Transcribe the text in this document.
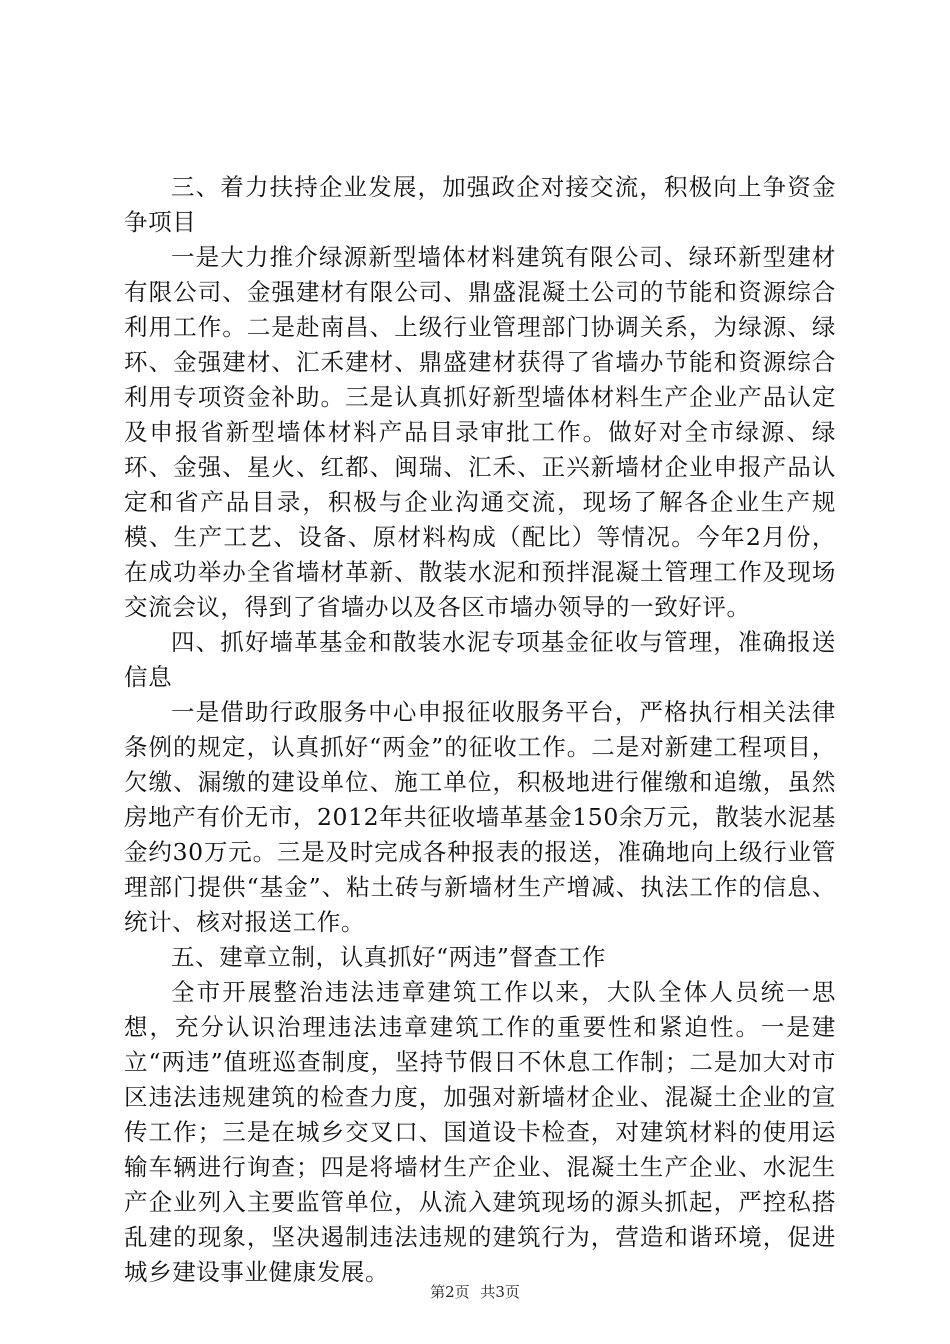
三、着力扶持企业发展，加强政企对接交流，积极向上争资金争项目

一是大力推介绿源新型墙体材料建筑有限公司、绿环新型建材有限公司、金强建材有限公司、鼎盛混凝土公司的节能和资源综合利用工作。二是赴南昌、上级行业管理部门协调关系，为绿源、绿环、金强建材、汇禾建材、鼎盛建材获得了省墙办节能和资源综合利用专项资金补助。三是认真抓好新型墙体材料生产企业产品认定及申报省新型墙体材料产品目录审批工作。做好对全市绿源、绿环、金强、星火、红都、闽瑞、汇禾、正兴新墙材企业申报产品认定和省产品目录，积极与企业沟通交流，现场了解各企业生产规模、生产工艺、设备、原材料构成（配比）等情况。今年2月份，在成功举办全省墙材革新、散装水泥和预拌混凝土管理工作及现场交流会议，得到了省墙办以及各区市墙办领导的一致好评。

四、抓好墙革基金和散装水泥专项基金征收与管理，准确报送信息

一是借助行政服务中心申报征收服务平台，严格执行相关法律条例的规定，认真抓好“两金”的征收工作。二是对新建工程项目，欠缴、漏缴的建设单位、施工单位，积极地进行催缴和追缴，虽然房地产有价无市，2012年共征收墙革基金150余万元，散装水泥基金约30万元。三是及时完成各种报表的报送，准确地向上级行业管理部门提供“基金”、粘土砖与新墙材生产增减、执法工作的信息、统计、核对报送工作。

五、建章立制，认真抓好“两违”督查工作

全市开展整治违法违章建筑工作以来，大队全体人员统一思想，充分认识治理违法违章建筑工作的重要性和紧迫性。一是建立“两违”值班巡查制度，坚持节假日不休息工作制；二是加大对市区违法违规建筑的检查力度，加强对新墙材企业、混凝土企业的宣传工作；三是在城乡交叉口、国道设卡检查，对建筑材料的使用运输车辆进行询查；四是将墙材生产企业、混凝土生产企业、水泥生产企业列入主要监管单位，从流入建筑现场的源头抓起，严控私搭乱建的现象，坚决遏制违法违规的建筑行为，营造和谐环境，促进城乡建设事业健康发展。

第2页 共3页
